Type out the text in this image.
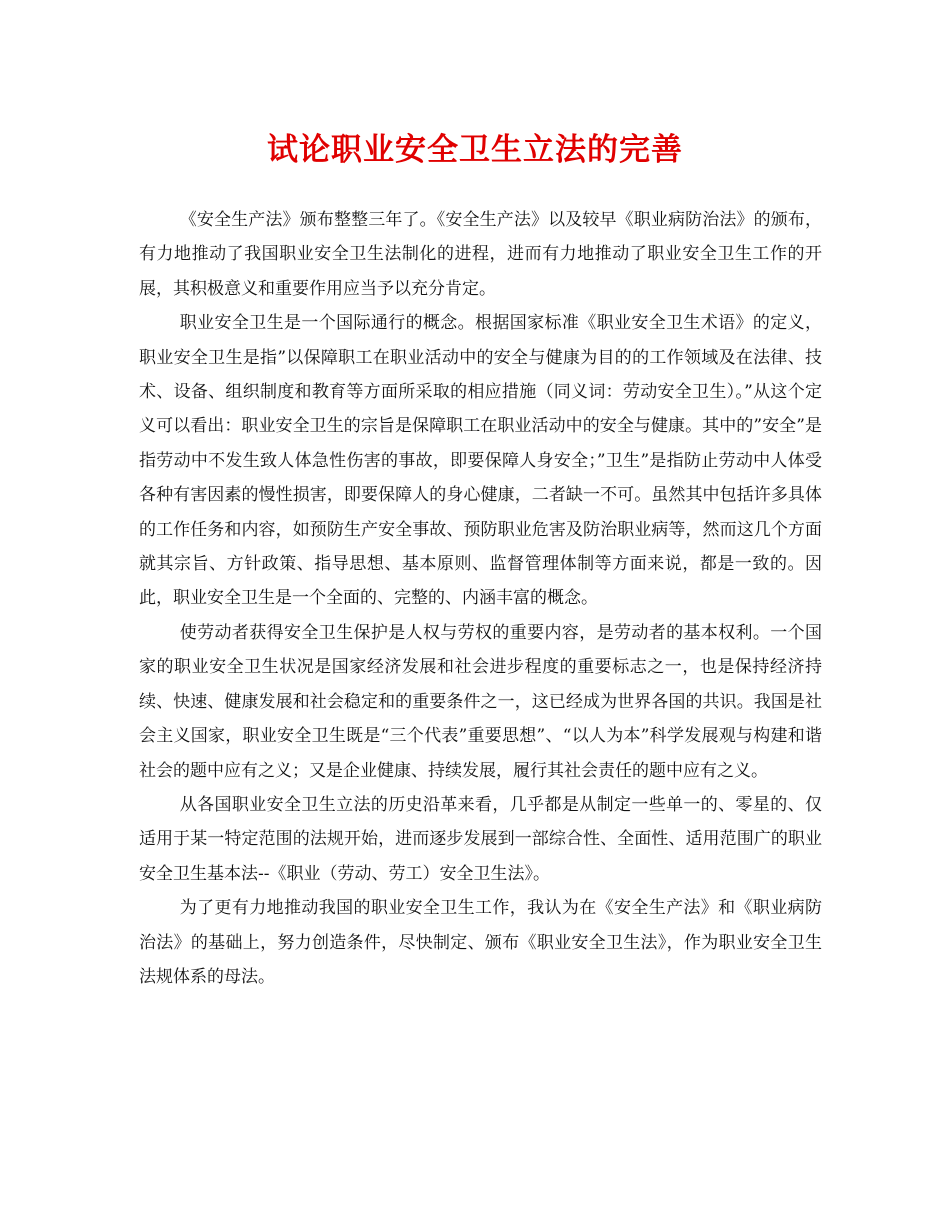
试论职业安全卫生立法的完善

《安全生产法》颁布整整三年了。《安全生产法》以及较早《职业病防治法》的颁布，有力地推动了我国职业安全卫生法制化的进程，进而有力地推动了职业安全卫生工作的开展，其积极意义和重要作用应当予以充分肯定。

职业安全卫生是一个国际通行的概念。根据国家标准《职业安全卫生术语》的定义，职业安全卫生是指”以保障职工在职业活动中的安全与健康为目的的工作领域及在法律、技术、设备、组织制度和教育等方面所采取的相应措施（同义词：劳动安全卫生）。”从这个定义可以看出：职业安全卫生的宗旨是保障职工在职业活动中的安全与健康。其中的”安全”是指劳动中不发生致人体急性伤害的事故，即要保障人身安全；”卫生”是指防止劳动中人体受各种有害因素的慢性损害，即要保障人的身心健康，二者缺一不可。虽然其中包括许多具体的工作任务和内容，如预防生产安全事故、预防职业危害及防治职业病等，然而这几个方面就其宗旨、方针政策、指导思想、基本原则、监督管理体制等方面来说，都是一致的。因此，职业安全卫生是一个全面的、完整的、内涵丰富的概念。

使劳动者获得安全卫生保护是人权与劳权的重要内容，是劳动者的基本权利。一个国家的职业安全卫生状况是国家经济发展和社会进步程度的重要标志之一，也是保持经济持续、快速、健康发展和社会稳定和的重要条件之一，这已经成为世界各国的共识。我国是社会主义国家，职业安全卫生既是“三个代表”重要思想”、“以人为本”科学发展观与构建和谐社会的题中应有之义；又是企业健康、持续发展，履行其社会责任的题中应有之义。

从各国职业安全卫生立法的历史沿革来看，几乎都是从制定一些单一的、零星的、仅适用于某一特定范围的法规开始，进而逐步发展到一部综合性、全面性、适用范围广的职业安全卫生基本法--《职业（劳动、劳工）安全卫生法》。

为了更有力地推动我国的职业安全卫生工作，我认为在《安全生产法》和《职业病防治法》的基础上，努力创造条件，尽快制定、颁布《职业安全卫生法》，作为职业安全卫生法规体系的母法。
